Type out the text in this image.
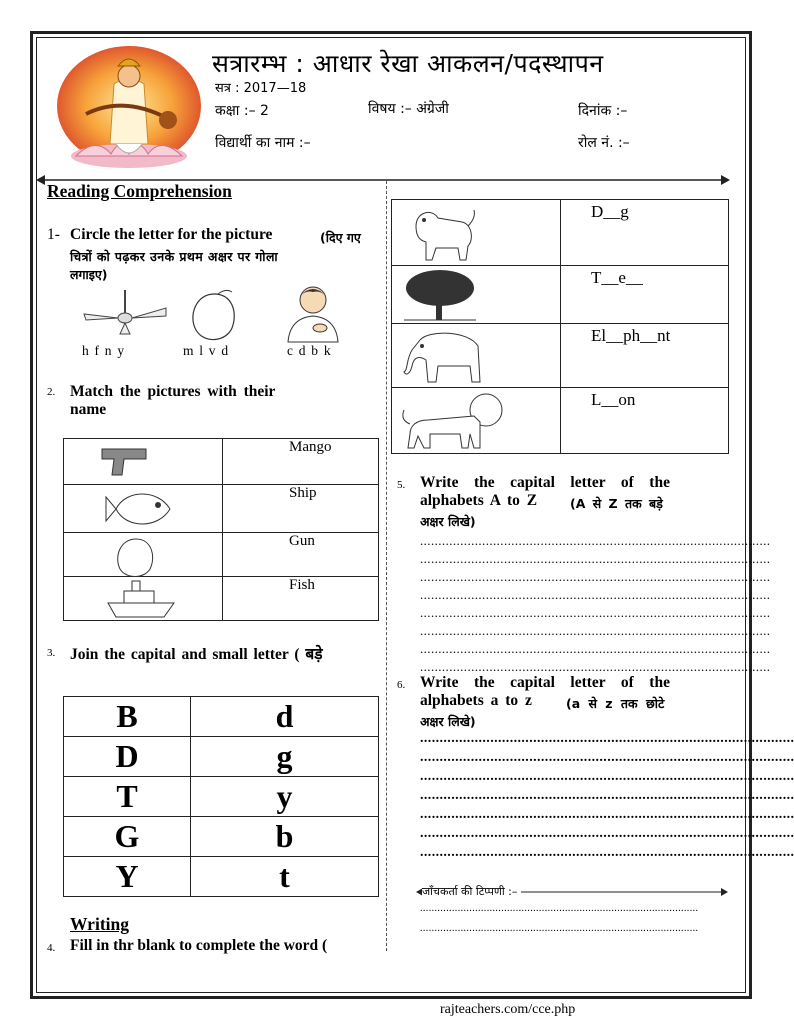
सत्रारम्भ : आधार रेखा आकलन/पदस्थापन
सत्र : 2017—18
कक्षा :– 2	विषय :– अंग्रेजी	दिनांक :–
विद्यार्थी का नाम :–	रोल नं. :–
Reading Comprehension
1- Circle the letter for the picture	(दिए गए
चित्रों को पढ़कर उनके प्रथम अक्षर पर गोला
लगाइए)
h f n y	m l v d	c d b k
2. Match the pictures with their
name
	Mango

	Ship

	Gun

	Fish
3. Join the capital and small letter ( बड़े
B	d
D	g
T	y
G	b
Y	t
Writing
4. Fill in thr blank to complete the word (
	D__g

	T__e__

	El__ph__nt

	L__on
5. Write    the    capital    letter    of    the
alphabets A to Z	(A से Z तक बड़े
अक्षर लिखे)
................................................................................................
................................................................................................
................................................................................................
................................................................................................
................................................................................................
................................................................................................
................................................................................................
................................................................................................
6. Write    the    capital    letter    of    the
alphabets a to z	(a से z तक छोटे
अक्षर लिखे)
................................................................................................
................................................................................................
................................................................................................
................................................................................................
................................................................................................
................................................................................................
................................................................................................
जाँचकर्ता की टिप्पणी :–
................................................................................................
................................................................................................
rajteachers.com/cce.php
